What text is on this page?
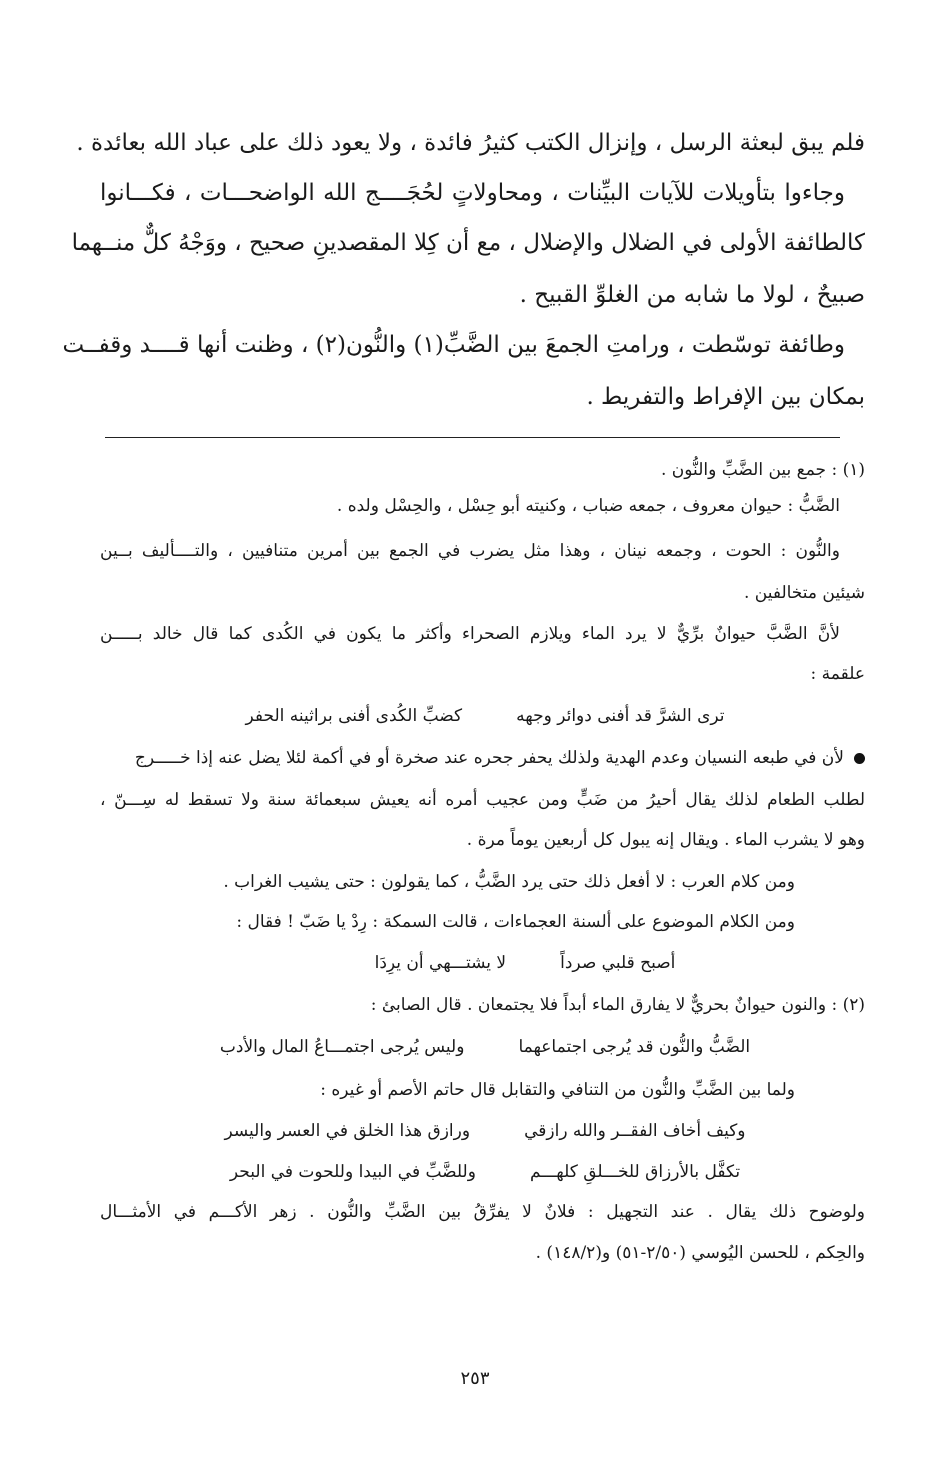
فلم يبق لبعثة الرسل ، وإنزال الكتب كثيرُ فائدة ، ولا يعود ذلك على عباد الله بعائدة .
وجاءوا بتأويلات للآيات البيِّنات ، ومحاولاتٍ لحُجَــــج الله الواضحـــات ، فكـــانوا
كالطائفة الأولى في الضلال والإضلال ، مع أن كِلا المقصدينِ صحيح ، ووَجْهُ كلٌّ منــهما
صبيحٌ ، لولا ما شابه من الغلوِّ القبيح .
وطائفة توسّطت ، ورامتِ الجمعَ بين الضَّبِّ(١) والنُّون(٢) ، وظنت أنها قــــد وقفــت
بمكان بين الإفراط والتفريط .
(١) : جمع بين الضَّبِّ والنُّون .
الضَّبُّ : حيوان معروف ، جمعه ضباب ، وكنيته أبو حِسْل ، والحِسْل ولده .
والنُّون : الحوت ، وجمعه نينان ، وهذا مثل يضرب في الجمع بين أمرين متنافيين ، والتــــأليف بــين
شيئين متخالفين .
لأنَّ الضَّبَّ حيوانٌ برِّيٌّ لا يرد الماء ويلازم الصحراء وأكثر ما يكون في الكُدى كما قال خالد بـــــن
علقمة :
ترى الشرَّ قد أفنى دوائر وجهه          كضبِّ الكُدى أفنى براثينه الحفر
لأن في طبعه النسيان وعدم الهدية ولذلك يحفر جحره عند صخرة أو في أكمة لئلا يضل عنه إذا خـــــرج
لطلب الطعام لذلك يقال أحيرُ من ضَبٍّ ومن عجيب أمره أنه يعيش سبعمائة سنة ولا تسقط له سِـــنّ ،
وهو لا يشرب الماء . ويقال إنه يبول كل أربعين يوماً مرة .
ومن كلام العرب : لا أفعل ذلك حتى يرد الضَّبُّ ، كما يقولون : حتى يشيب الغراب .
ومن الكلام الموضوع على ألسنة العجماءات ، قالت السمكة : رِدْ يا ضَبّ ! فقال :
أصبح قلبي صرداً          لا يشتـــهي أن يرِدَا
(٢) : والنون حيوانٌ بحريٌّ لا يفارق الماء أبداً فلا يجتمعان . قال الصابئ :
الضَّبُّ والنُّون قد يُرجى اجتماعهما          وليس يُرجى اجتمـــاعُ المال والأدب
ولما بين الضَّبِّ والنُّون من التنافي والتقابل قال حاتم الأصم أو غيره :
وكيف أخاف الفقــر والله رازقي          ورازق هذا الخلق في العسر واليسر
تكفَّل بالأرزاق للخـــلقِ كلهـــم          وللضَّبِّ في البيدا وللحوت في البحر
ولوضوح ذلك يقال . عند التجهيل : فلانٌ لا يفرِّقُ بين الضَّبِّ والنُّون . زهر الأكـــم في الأمثـــال
والحِكم ، للحسن اليُوسي (٢/٥٠-٥١) و(١٤٨/٢) .
٢٥٣
